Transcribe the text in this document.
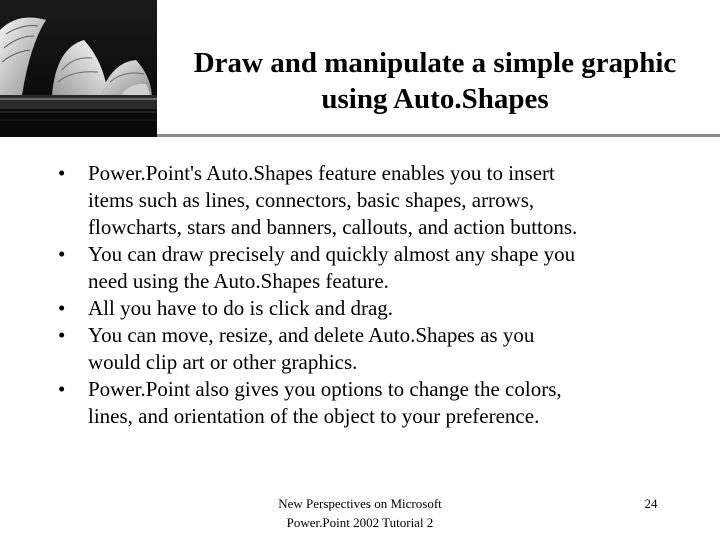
Draw and manipulate a simple graphic
using Auto.Shapes
• Power.Point's Auto.Shapes feature enables you to insert
items such as lines, connectors, basic shapes, arrows,
flowcharts, stars and banners, callouts, and action buttons.
• You can draw precisely and quickly almost any shape you
need using the Auto.Shapes feature.
• All you have to do is click and drag.
• You can move, resize, and delete Auto.Shapes as you
would clip art or other graphics.
• Power.Point also gives you options to change the colors,
lines, and orientation of the object to your preference.
New Perspectives on Microsoft
Power.Point 2002 Tutorial 2
24
